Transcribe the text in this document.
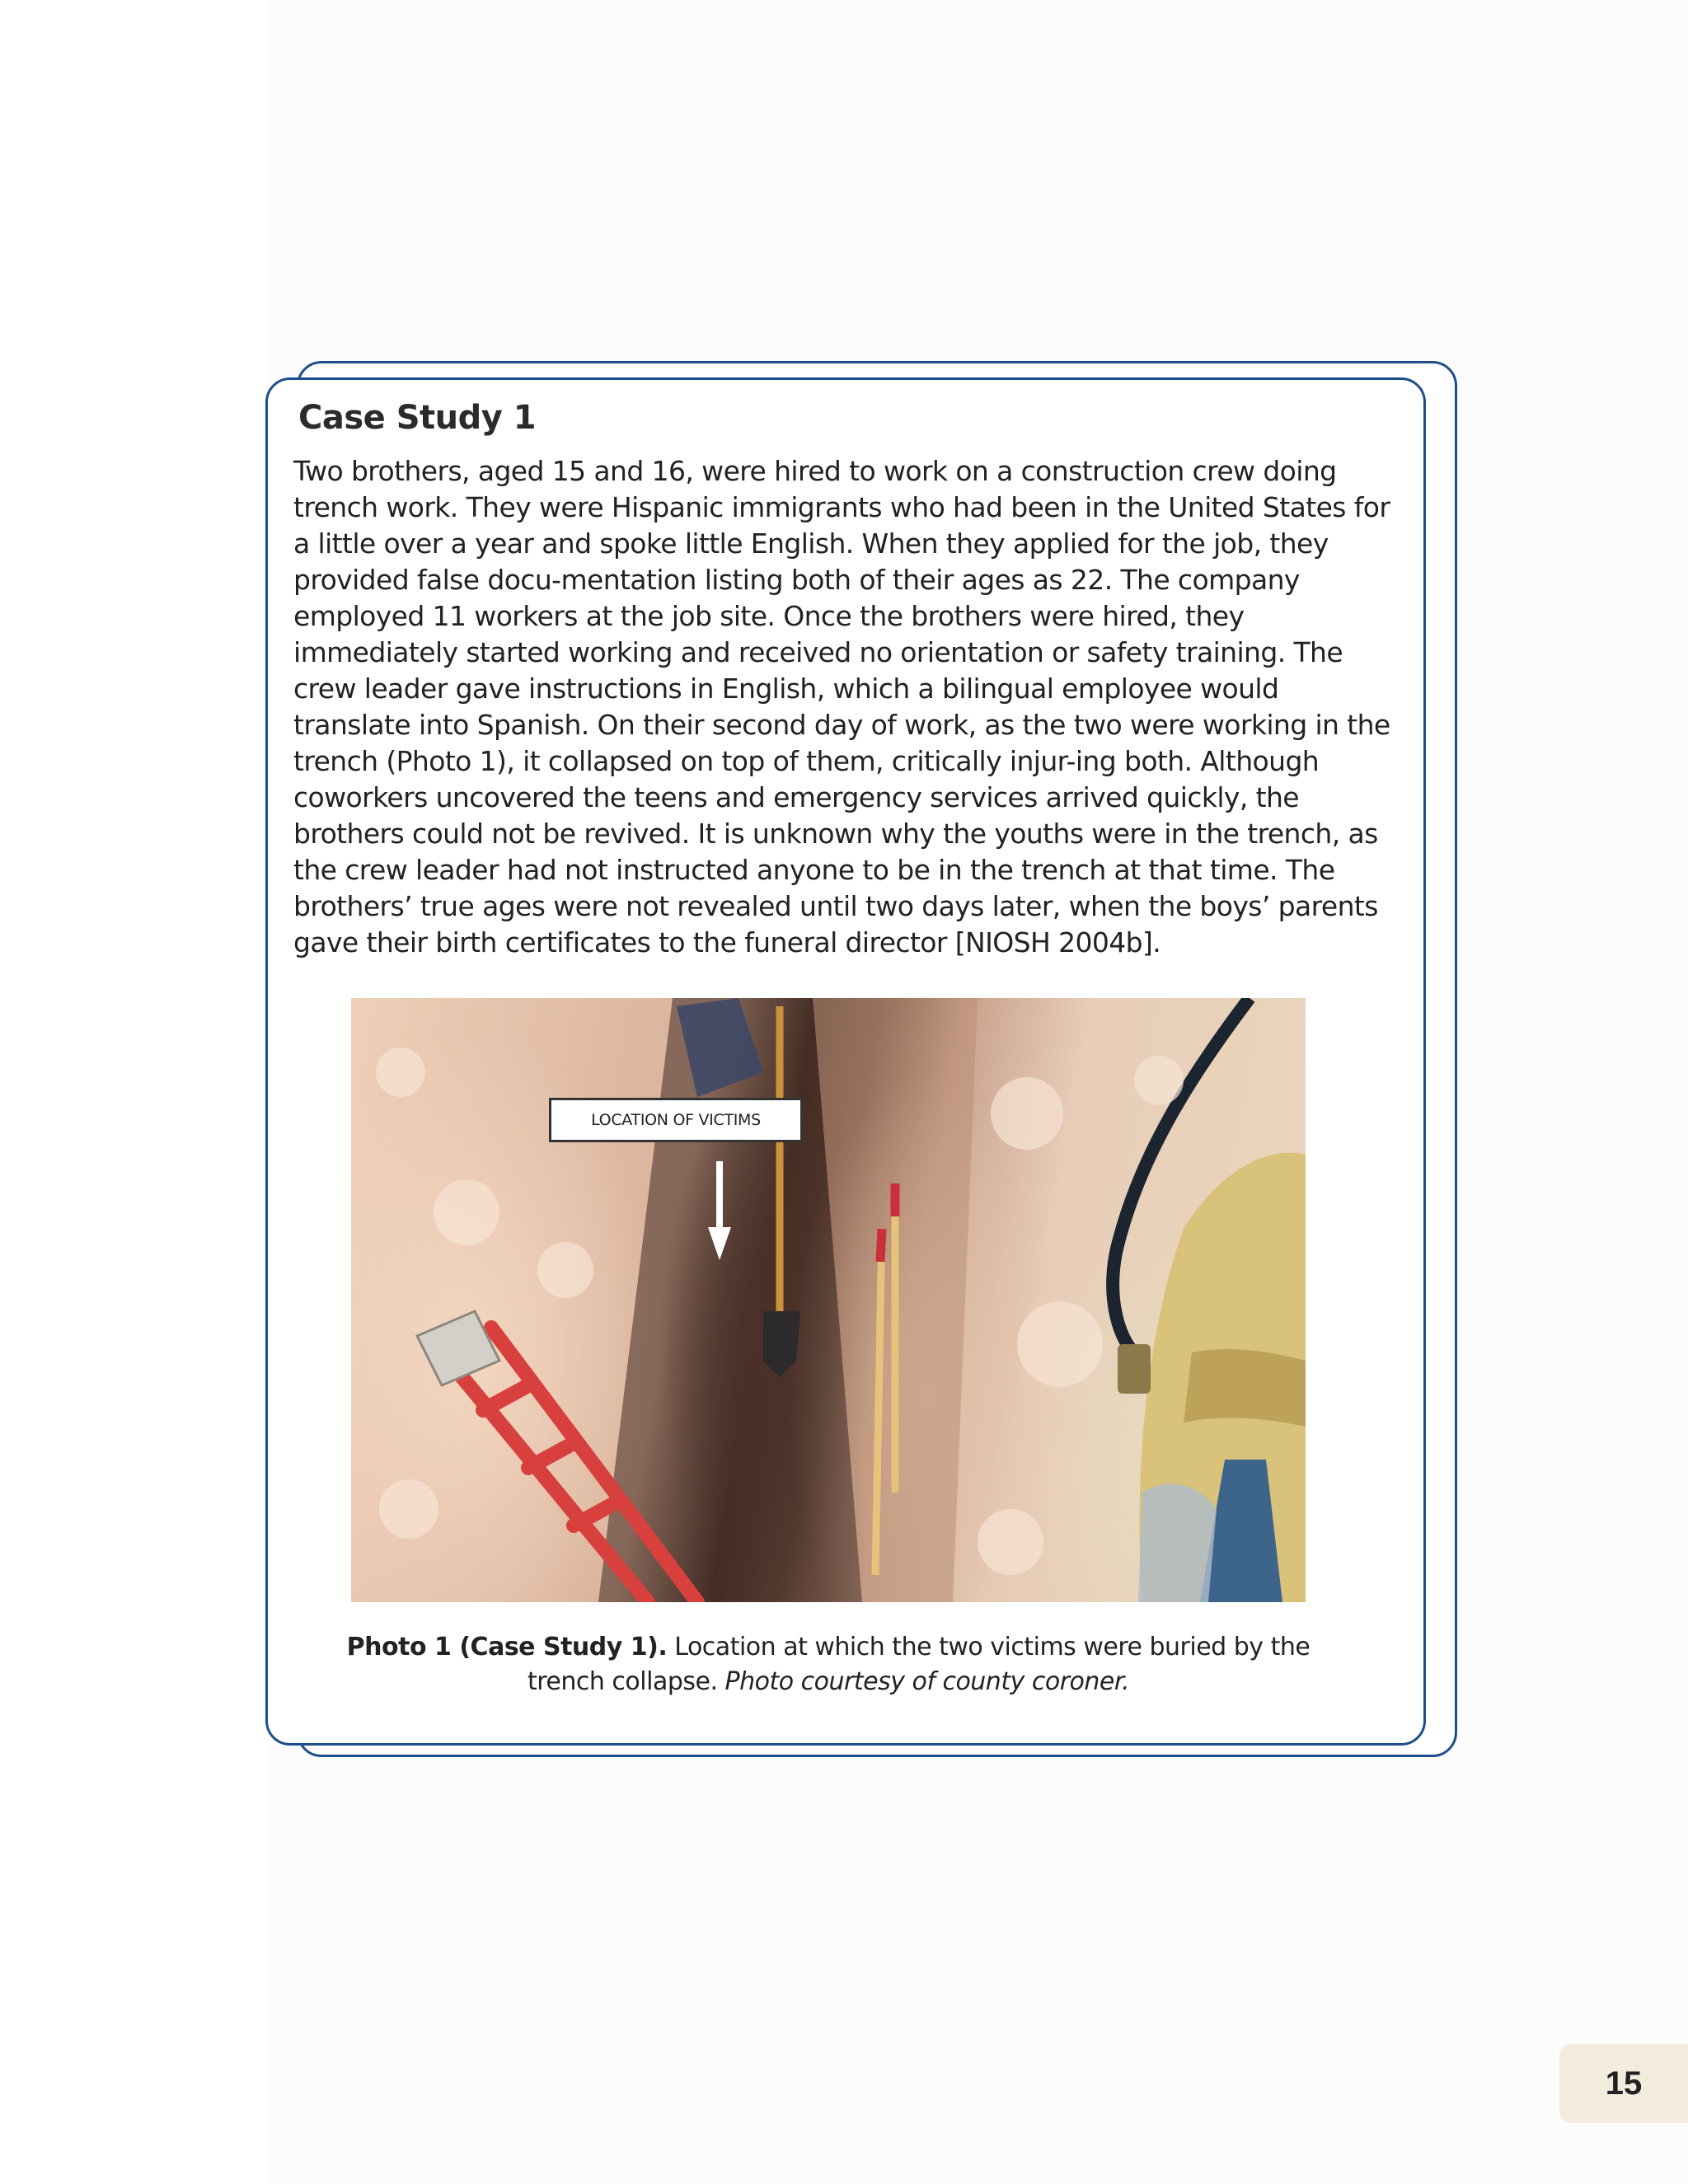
Case Study 1

Two brothers, aged 15 and 16, were hired to work on a construction crew doing trench work. They were Hispanic immigrants who had been in the United States for a little over a year and spoke little English. When they applied for the job, they provided false docu-mentation listing both of their ages as 22. The company employed 11 workers at the job site. Once the brothers were hired, they immediately started working and received no orientation or safety training. The crew leader gave instructions in English, which a bilingual employee would translate into Spanish. On their second day of work, as the two were working in the trench (Photo 1), it collapsed on top of them, critically injur-ing both. Although coworkers uncovered the teens and emergency services arrived quickly, the brothers could not be revived. It is unknown why the youths were in the trench, as the crew leader had not instructed anyone to be in the trench at that time. The brothers’ true ages were not revealed until two days later, when the boys’ parents gave their birth certificates to the funeral director [NIOSH 2004b].

LOCATION OF VICTIMS

Photo 1 (Case Study 1). Location at which the two victims were buried by the trench collapse. Photo courtesy of county coroner.

15
